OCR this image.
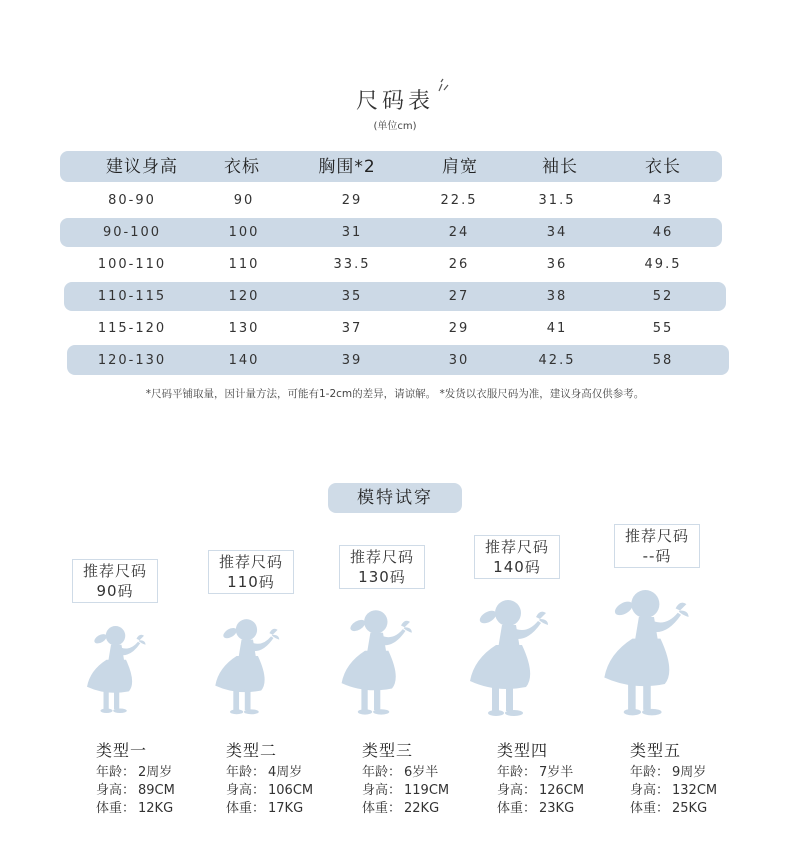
尺码表
(单位cm)
建议身高	衣标	胸围*2	肩宽	袖长	衣长
80-90	90	29	22.5	31.5	43
90-100	100	31	24	34	46
100-110	110	33.5	26	36	49.5
110-115	120	35	27	38	52
115-120	130	37	29	41	55
120-130	140	39	30	42.5	58
*尺码平铺取量，因计量方法，可能有1-2cm的差异，请谅解。 *发货以衣服尺码为准，建议身高仅供参考。
模特试穿
推荐尺码
90码
类型一
年龄： 2周岁
身高： 89CM
体重： 12KG
推荐尺码
110码
类型二
年龄： 4周岁
身高： 106CM
体重： 17KG
推荐尺码
130码
类型三
年龄： 6岁半
身高： 119CM
体重： 22KG
推荐尺码
140码
类型四
年龄： 7岁半
身高： 126CM
体重： 23KG
推荐尺码
--码
类型五
年龄： 9周岁
身高： 132CM
体重： 25KG
